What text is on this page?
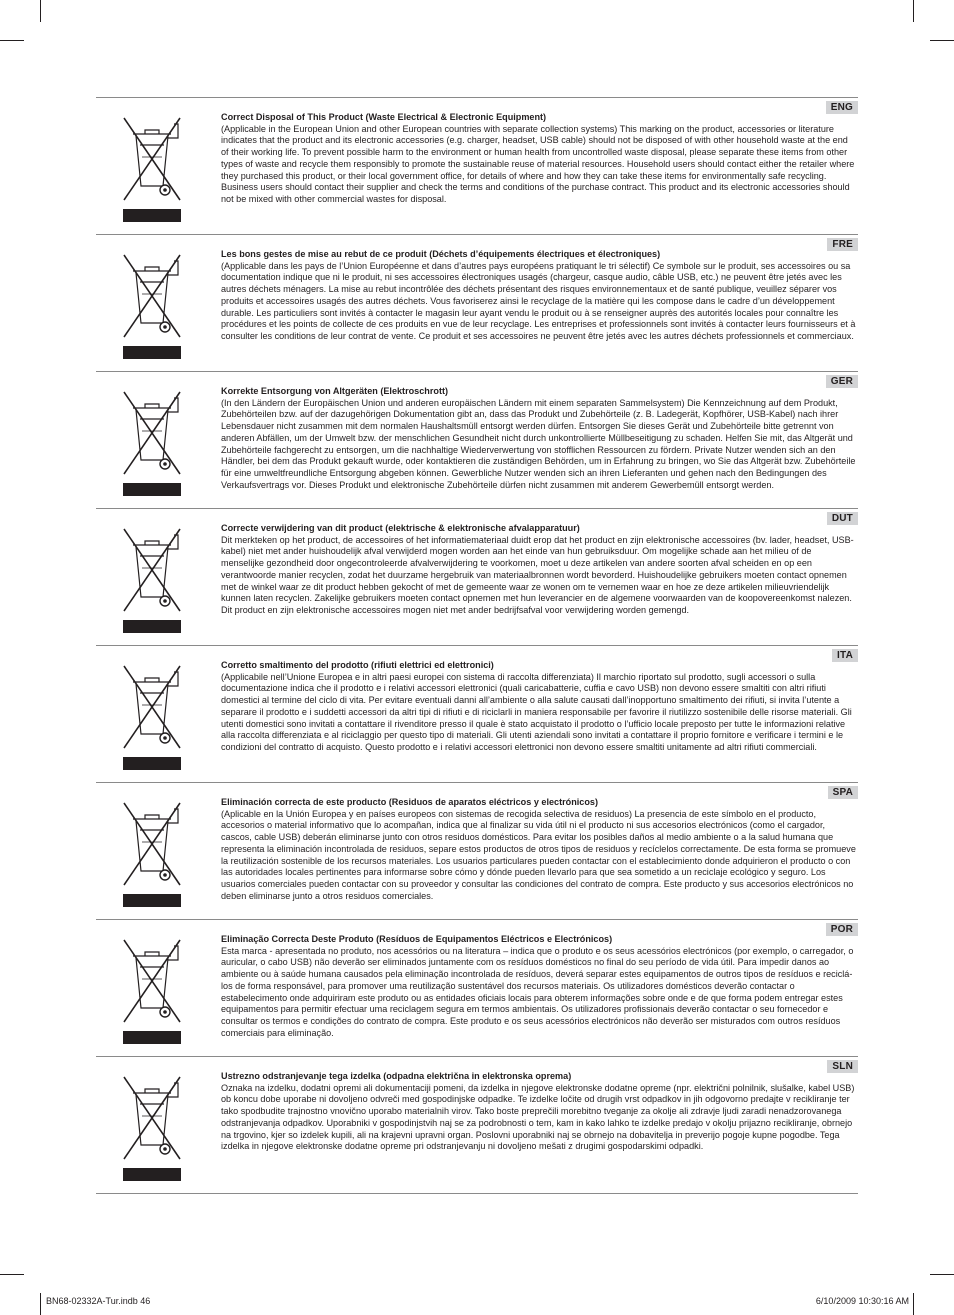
ENG

Correct Disposal of This Product (Waste Electrical & Electronic Equipment)
(Applicable in the European Union and other European countries with separate collection systems) This marking on the product, accessories or literature indicates that the product and its electronic accessories (e.g. charger, headset, USB cable) should not be disposed of with other household waste at the end of their working life. To prevent possible harm to the environment or human health from uncontrolled waste disposal, please separate these items from other types of waste and recycle them responsibly to promote the sustainable reuse of material resources. Household users should contact either the retailer where they purchased this product, or their local government office, for details of where and how they can take these items for environmentally safe recycling. Business users should contact their supplier and check the terms and conditions of the purchase contract. This product and its electronic accessories should not be mixed with other commercial wastes for disposal.

FRE

Les bons gestes de mise au rebut de ce produit (Déchets d’équipements électriques et électroniques)
(Applicable dans les pays de l’Union Européenne et dans d’autres pays européens pratiquant le tri sélectif) Ce symbole sur le produit, ses accessoires ou sa documentation indique que ni le produit, ni ses accessoires électroniques usagés (chargeur, casque audio, câble USB, etc.) ne peuvent être jetés avec les autres déchets ménagers. La mise au rebut incontrôlée des déchets présentant des risques environnementaux et de santé publique, veuillez séparer vos produits et accessoires usagés des autres déchets. Vous favoriserez ainsi le recyclage de la matière qui les compose dans le cadre d’un développement durable. Les particuliers sont invités à contacter le magasin leur ayant vendu le produit ou à se renseigner auprès des autorités locales pour connaître les procédures et les points de collecte de ces produits en vue de leur recyclage. Les entreprises et professionnels sont invités à contacter leurs fournisseurs et à consulter les conditions de leur contrat de vente. Ce produit et ses accessoires ne peuvent être jetés avec les autres déchets professionnels et commerciaux.

GER

Korrekte Entsorgung von Altgeräten (Elektroschrott)
(In den Ländern der Europäischen Union und anderen europäischen Ländern mit einem separaten Sammelsystem) Die Kennzeichnung auf dem Produkt, Zubehörteilen bzw. auf der dazugehörigen Dokumentation gibt an, dass das Produkt und Zubehörteile (z. B. Ladegerät, Kopfhörer, USB-Kabel) nach ihrer Lebensdauer nicht zusammen mit dem normalen Haushaltsmüll entsorgt werden dürfen. Entsorgen Sie dieses Gerät und Zubehörteile bitte getrennt von anderen Abfällen, um der Umwelt bzw. der menschlichen Gesundheit nicht durch unkontrollierte Müllbeseitigung zu schaden. Helfen Sie mit, das Altgerät und Zubehörteile fachgerecht zu entsorgen, um die nachhaltige Wiederverwertung von stofflichen Ressourcen zu fördern. Private Nutzer wenden sich an den Händler, bei dem das Produkt gekauft wurde, oder kontaktieren die zuständigen Behörden, um in Erfahrung zu bringen, wo Sie das Altgerät bzw. Zubehörteile für eine umweltfreundliche Entsorgung abgeben können. Gewerbliche Nutzer wenden sich an ihren Lieferanten und gehen nach den Bedingungen des Verkaufsvertrags vor. Dieses Produkt und elektronische Zubehörteile dürfen nicht zusammen mit anderem Gewerbemüll entsorgt werden.

DUT

Correcte verwijdering van dit product (elektrische & elektronische afvalapparatuur)
Dit merkteken op het product, de accessoires of het informatiemateriaal duidt erop dat het product en zijn elektronische accessoires (bv. lader, headset, USB-kabel) niet met ander huishoudelijk afval verwijderd mogen worden aan het einde van hun gebruiksduur. Om mogelijke schade aan het milieu of de menselijke gezondheid door ongecontroleerde afvalverwijdering te voorkomen, moet u deze artikelen van andere soorten afval scheiden en op een verantwoorde manier recyclen, zodat het duurzame hergebruik van materiaalbronnen wordt bevorderd. Huishoudelijke gebruikers moeten contact opnemen met de winkel waar ze dit product hebben gekocht of met de gemeente waar ze wonen om te vernemen waar en hoe ze deze artikelen milieuvriendelijk kunnen laten recyclen. Zakelijke gebruikers moeten contact opnemen met hun leverancier en de algemene voorwaarden van de koopovereenkomst nalezen. Dit product en zijn elektronische accessoires mogen niet met ander bedrijfsafval voor verwijdering worden gemengd.

ITA

Corretto smaltimento del prodotto (rifiuti elettrici ed elettronici)
(Applicabile nell’Unione Europea e in altri paesi europei con sistema di raccolta differenziata) Il marchio riportato sul prodotto, sugli accessori o sulla documentazione indica che il prodotto e i relativi accessori elettronici (quali caricabatterie, cuffia e cavo USB) non devono essere smaltiti con altri rifiuti domestici al termine del ciclo di vita. Per evitare eventuali danni all’ambiente o alla salute causati dall’inopportuno smaltimento dei rifiuti, si invita l’utente a separare il prodotto e i suddetti accessori da altri tipi di rifiuti e di riciclarli in maniera responsabile per favorire il riutilizzo sostenibile delle risorse materiali. Gli utenti domestici sono invitati a contattare il rivenditore presso il quale è stato acquistato il prodotto o l’ufficio locale preposto per tutte le informazioni relative alla raccolta differenziata e al riciclaggio per questo tipo di materiali. Gli utenti aziendali sono invitati a contattare il proprio fornitore e verificare i termini e le condizioni del contratto di acquisto. Questo prodotto e i relativi accessori elettronici non devono essere smaltiti unitamente ad altri rifiuti commerciali.

SPA

Eliminación correcta de este producto (Residuos de aparatos eléctricos y electrónicos)
(Aplicable en la Unión Europea y en países europeos con sistemas de recogida selectiva de residuos) La presencia de este símbolo en el producto, accesorios o material informativo que lo acompañan, indica que al finalizar su vida útil ni el producto ni sus accesorios electrónicos (como el cargador, cascos, cable USB) deberán eliminarse junto con otros residuos domésticos. Para evitar los posibles daños al medio ambiente o a la salud humana que representa la eliminación incontrolada de residuos, separe estos productos de otros tipos de residuos y recíclelos correctamente. De esta forma se promueve la reutilización sostenible de los recursos materiales. Los usuarios particulares pueden contactar con el establecimiento donde adquirieron el producto o con las autoridades locales pertinentes para informarse sobre cómo y dónde pueden llevarlo para que sea sometido a un reciclaje ecológico y seguro. Los usuarios comerciales pueden contactar con su proveedor y consultar las condiciones del contrato de compra. Este producto y sus accesorios electrónicos no deben eliminarse junto a otros residuos comerciales.

POR

Eliminação Correcta Deste Produto (Resíduos de Equipamentos Eléctricos e Electrónicos)
Esta marca - apresentada no produto, nos acessórios ou na literatura – indica que o produto e os seus acessórios electrónicos (por exemplo, o carregador, o auricular, o cabo USB) não deverão ser eliminados juntamente com os resíduos domésticos no final do seu período de vida útil. Para impedir danos ao ambiente ou à saúde humana causados pela eliminação incontrolada de resíduos, deverá separar estes equipamentos de outros tipos de resíduos e reciclá-los de forma responsável, para promover uma reutilização sustentável dos recursos materiais. Os utilizadores domésticos deverão contactar o estabelecimento onde adquiriram este produto ou as entidades oficiais locais para obterem informações sobre onde e de que forma podem entregar estes equipamentos para permitir efectuar uma reciclagem segura em termos ambientais. Os utilizadores profissionais deverão contactar o seu fornecedor e consultar os termos e condições do contrato de compra. Este produto e os seus acessórios electrónicos não deverão ser misturados com outros resíduos comerciais para eliminação.

SLN

Ustrezno odstranjevanje tega izdelka (odpadna električna in elektronska oprema)
Oznaka na izdelku, dodatni opremi ali dokumentaciji pomeni, da izdelka in njegove elektronske dodatne opreme (npr. električni polnilnik, slušalke, kabel USB) ob koncu dobe uporabe ni dovoljeno odvreči med gospodinjske odpadke. Te izdelke ločite od drugih vrst odpadkov in jih odgovorno predajte v recikliranje ter tako spodbudite trajnostno vnovično uporabo materialnih virov. Tako boste preprečili morebitno tveganje za okolje ali zdravje ljudi zaradi nenadzorovanega odstranjevanja odpadkov. Uporabniki v gospodinjstvih naj se za podrobnosti o tem, kam in kako lahko te izdelke predajo v okolju prijazno recikliranje, obrnejo na trgovino, kjer so izdelek kupili, ali na krajevni upravni organ. Poslovni uporabniki naj se obrnejo na dobavitelja in preverijo pogoje kupne pogodbe. Tega izdelka in njegove elektronske dodatne opreme pri odstranjevanju ni dovoljeno mešati z drugimi gospodarskimi odpadki.

BN68-02332A-Tur.indb 46	6/10/2009 10:30:16 AM
